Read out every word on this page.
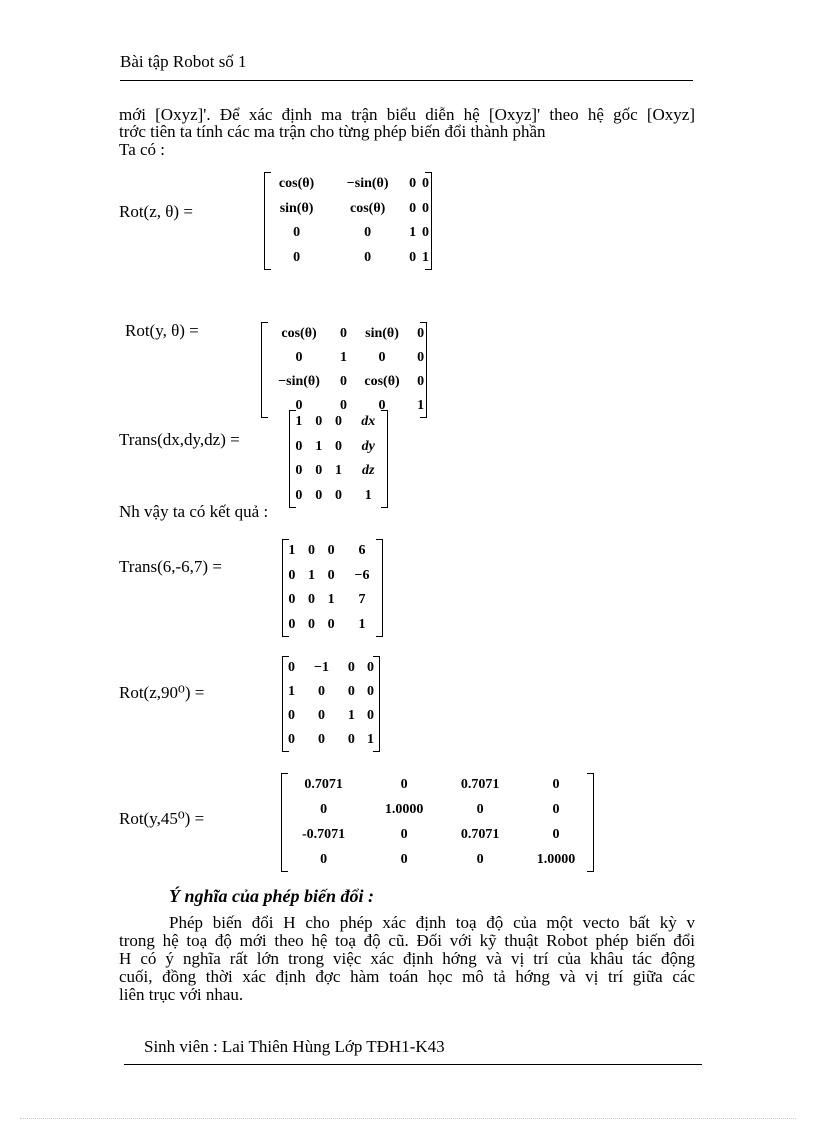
Bài tập Robot số 1
mới [Oxyz]'. Để xác định ma trận biểu diễn hệ [Oxyz]' theo hệ gốc [Oxyz]
trớc tiên ta tính các ma trận cho từng phép biến đổi thành phần
Ta có :
Rot(z, θ) =
cos(θ)	−sin(θ)	0	0
sin(θ)	cos(θ)	0	0
0	0	1	0
0	0	0	1
Rot(y, θ) =	cos(θ)	0	sin(θ)	0
0	1	0	0
−sin(θ)	0	cos(θ)	0
0	0	0	1
Trans(dx,dy,dz) =
1	0	0	dx
0	1	0	dy
0	0	1	dz
0	0	0	1
Nh vậy ta có kết quả :
Trans(6,-6,7) =
1	0	0	6
0	1	0	−6
0	0	1	7
0	0	0	1
Rot(z,90⁰) =
0	−1	0	0
1	0	0	0
0	0	1	0
0	0	0	1
Rot(y,45⁰) =
0.7071	0	0.7071	0
0	1.0000	0	0
-0.7071	0	0.7071	0
0	0	0	1.0000
Ý nghĩa của phép biến đổi :
Phép biến đổi H cho phép xác định toạ độ của một vecto bất kỳ v
trong hệ toạ độ mới theo hệ toạ độ cũ. Đối với kỹ thuật Robot phép biến đổi
H có ý nghĩa rất lớn trong việc xác định hớng và vị trí của khâu tác động
cuối, đồng thời xác định đợc hàm toán học mô tả hớng và vị trí giữa các
liên trục với nhau.
Sinh viên : Lai Thiên Hùng Lớp TĐH1-K43
